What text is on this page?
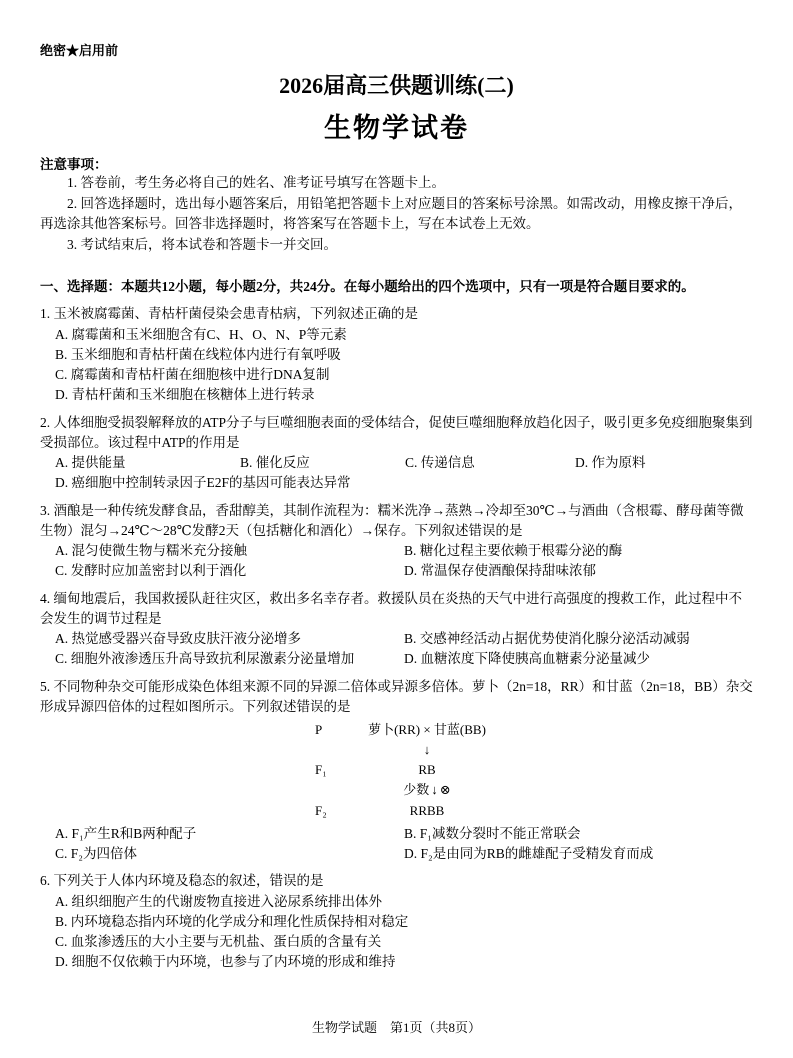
绝密★启用前
2026届高三供题训练(二)
生物学试卷
注意事项：

1. 答卷前，考生务必将自己的姓名、准考证号填写在答题卡上。

2. 回答选择题时，选出每小题答案后，用铅笔把答题卡上对应题目的答案标号涂黑。如需改动，用橡皮擦干净后，再选涂其他答案标号。回答非选择题时，将答案写在答题卡上，写在本试卷上无效。

3. 考试结束后，将本试卷和答题卡一并交回。

一、选择题：本题共12小题，每小题2分，共24分。在每小题给出的四个选项中，只有一项是符合题目要求的。

1. 玉米被腐霉菌、青枯杆菌侵染会患青枯病，下列叙述正确的是

A. 腐霉菌和玉米细胞含有C、H、O、N、P等元素

B. 玉米细胞和青枯杆菌在线粒体内进行有氧呼吸

C. 腐霉菌和青枯杆菌在细胞核中进行DNA复制

D. 青枯杆菌和玉米细胞在核糖体上进行转录

2. 人体细胞受损裂解释放的ATP分子与巨噬细胞表面的受体结合，促使巨噬细胞释放趋化因子，吸引更多免疫细胞聚集到受损部位。该过程中ATP的作用是

A. 提供能量	B. 催化反应	C. 传递信息	D. 作为原料

D. 癌细胞中控制转录因子E2F的基因可能表达异常

3. 酒酿是一种传统发酵食品，香甜醇美，其制作流程为：糯米洗净→蒸熟→冷却至30℃→与酒曲（含根霉、酵母菌等微生物）混匀→24℃～28℃发酵2天（包括糖化和酒化）→保存。下列叙述错误的是

A. 混匀使微生物与糯米充分接触	B. 糖化过程主要依赖于根霉分泌的酶

C. 发酵时应加盖密封以利于酒化	D. 常温保存使酒酿保持甜味浓郁

4. 缅甸地震后，我国救援队赶往灾区，救出多名幸存者。救援队员在炎热的天气中进行高强度的搜救工作，此过程中不会发生的调节过程是

A. 热觉感受器兴奋导致皮肤汗液分泌增多	B. 交感神经活动占据优势使消化腺分泌活动减弱

C. 细胞外液渗透压升高导致抗利尿激素分泌量增加	D. 血糖浓度下降使胰高血糖素分泌量减少

5. 不同物种杂交可能形成染色体组来源不同的异源二倍体或异源多倍体。萝卜（2n=18，RR）和甘蓝（2n=18，BB）杂交形成异源四倍体的过程如图所示。下列叙述错误的是

P	萝卜(RR) × 甘蓝(BB)
↓
F₁	RB
少数 ↓ ⊗
F₂	RRBB

A. F₁产生R和B两种配子	B. F₁减数分裂时不能正常联会

C. F₂为四倍体	D. F₂是由同为RB的雌雄配子受精发育而成

6. 下列关于人体内环境及稳态的叙述，错误的是

A. 组织细胞产生的代谢废物直接进入泌尿系统排出体外

B. 内环境稳态指内环境的化学成分和理化性质保持相对稳定

C. 血浆渗透压的大小主要与无机盐、蛋白质的含量有关

D. 细胞不仅依赖于内环境，也参与了内环境的形成和维持

生物学试题　第1页（共8页）
